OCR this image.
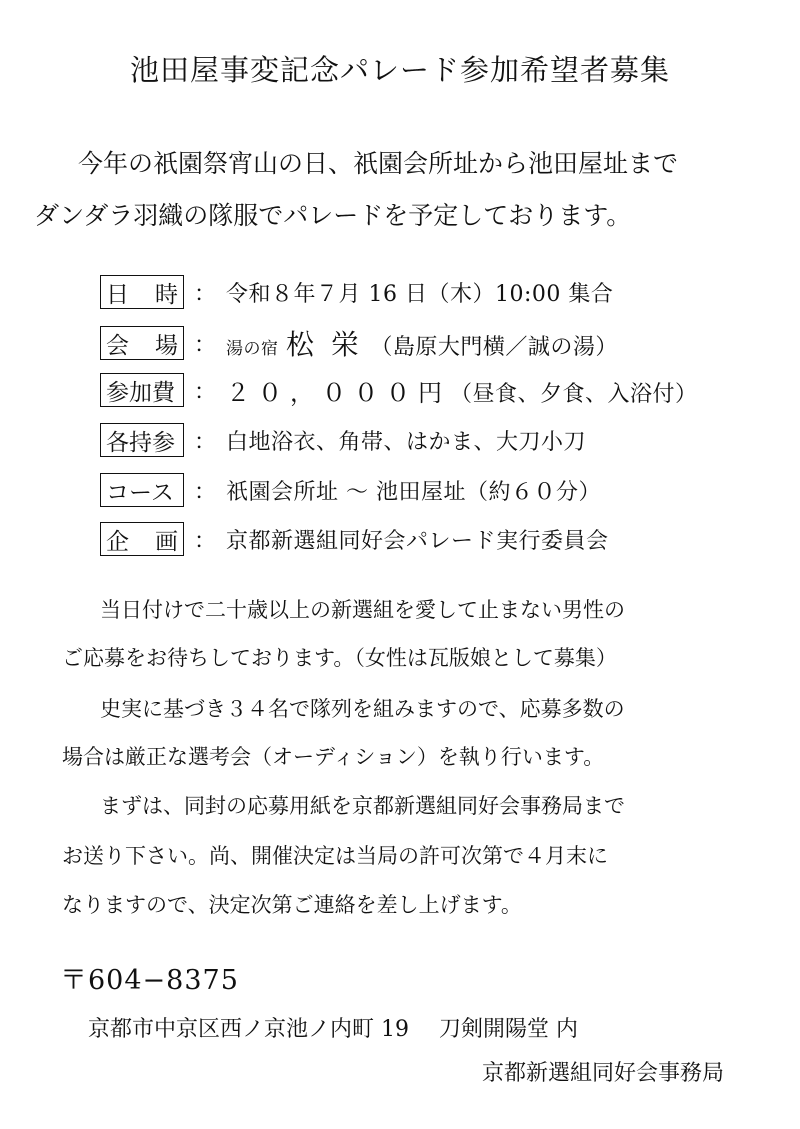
池田屋事変記念パレード参加希望者募集
今年の祇園祭宵山の日、祇園会所址から池田屋址まで
ダンダラ羽織の隊服でパレードを予定しております。
日 時 ： 令和８年７月 16 日（木）10:00 集合
会 場 ： 湯の宿 松 栄 （島原大門横／誠の湯）
参加費 ： ２０，０００円（昼食、夕食、入浴付）
各持参 ： 白地浴衣、角帯、はかま、大刀小刀
コース ： 祇園会所址 ～ 池田屋址（約６０分）
企 画 ： 京都新選組同好会パレード実行委員会
当日付けで二十歳以上の新選組を愛して止まない男性の
ご応募をお待ちしております。（女性は瓦版娘として募集）
史実に基づき３４名で隊列を組みますので、応募多数の
場合は厳正な選考会（オーディション）を執り行います。
まずは、同封の応募用紙を京都新選組同好会事務局まで
お送り下さい。尚、開催決定は当局の許可次第で４月末に
なりますので、決定次第ご連絡を差し上げます。
〒604−8375
京都市中京区西ノ京池ノ内町 19 刀剣開陽堂 内
京都新選組同好会事務局
